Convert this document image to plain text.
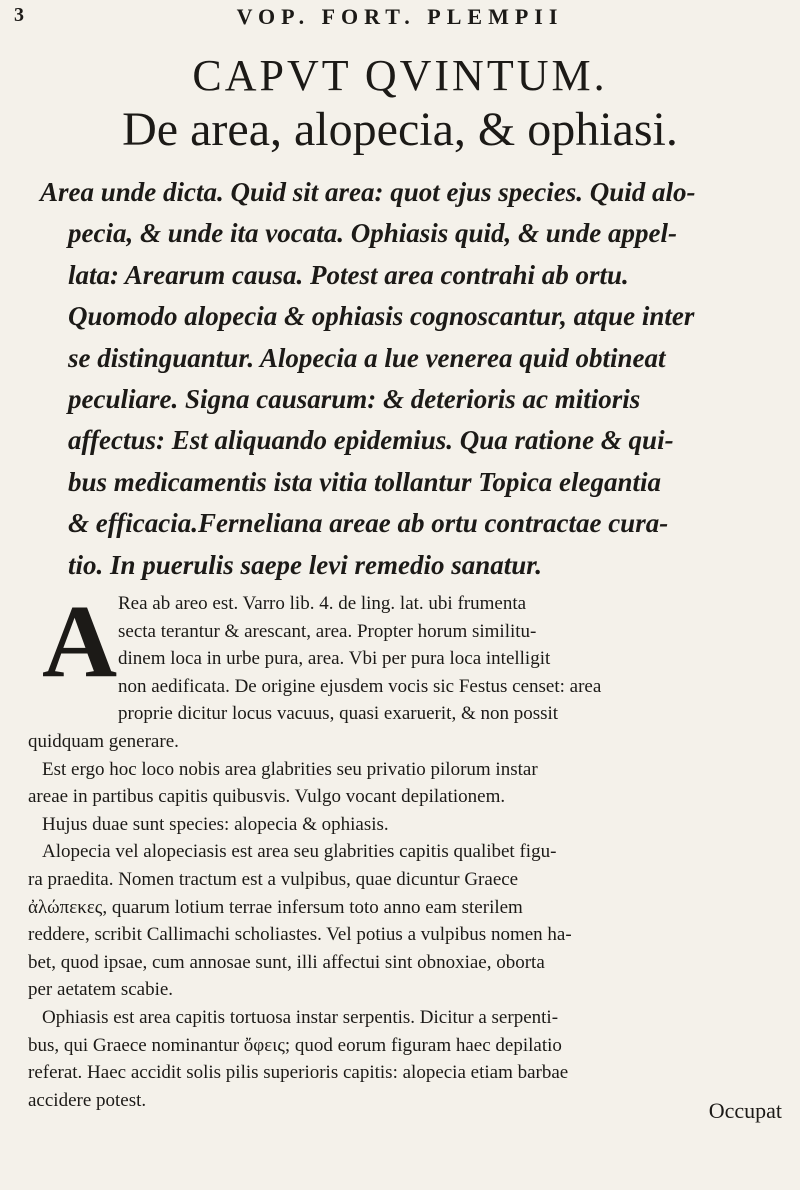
3	VOP. FORT. PLEMPII
CAPVT QVINTUM.
De area, alopecia, & ophiasi.
Area unde dicta. Quid sit area: quot ejus species. Quid alo-
pecia, & unde ita vocata. Ophiasis quid, & unde appel-
lata: Arearum causa. Potest area contrahi ab ortu.
Quomodo alopecia & ophiasis cognoscantur, atque inter
se distinguantur. Alopecia a lue venerea quid obtineat
peculiare. Signa causarum: & deterioris ac mitioris
affectus: Est aliquando epidemius. Qua ratione & qui-
bus medicamentis ista vitia tollantur Topica elegantia
& efficacia.Ferneliana areae ab ortu contractae cura-
tio. In puerulis saepe levi remedio sanatur.
A Rea ab areo est. Varro lib. 4. de ling. lat. ubi frumenta
secta terantur & arescant, area. Propter horum similitu-
dinem loca in urbe pura, area. Vbi per pura loca intelligit
non aedificata. De origine ejusdem vocis sic Festus censet: area
proprie dicitur locus vacuus, quasi exaruerit, & non possit
quidquam generare.
Est ergo hoc loco nobis area glabrities seu privatio pilorum instar
areae in partibus capitis quibusvis. Vulgo vocant depilationem.
Hujus duae sunt species: alopecia & ophiasis.
Alopecia vel alopeciasis est area seu glabrities capitis qualibet figu-
ra praedita. Nomen tractum est a vulpibus, quae dicuntur Graece
ἀλώπεκες, quarum lotium terrae infersum toto anno eam sterilem
reddere, scribit Callimachi scholiastes. Vel potius a vulpibus nomen ha-
bet, quod ipsae, cum annosae sunt, illi affectui sint obnoxiae, oborta
per aetatem scabie.
Ophiasis est area capitis tortuosa instar serpentis. Dicitur a serpenti-
bus, qui Graece nominantur ὄφεις; quod eorum figuram haec depilatio
referat. Haec accidit solis pilis superioris capitis: alopecia etiam barbae
accidere potest.	Occupat
